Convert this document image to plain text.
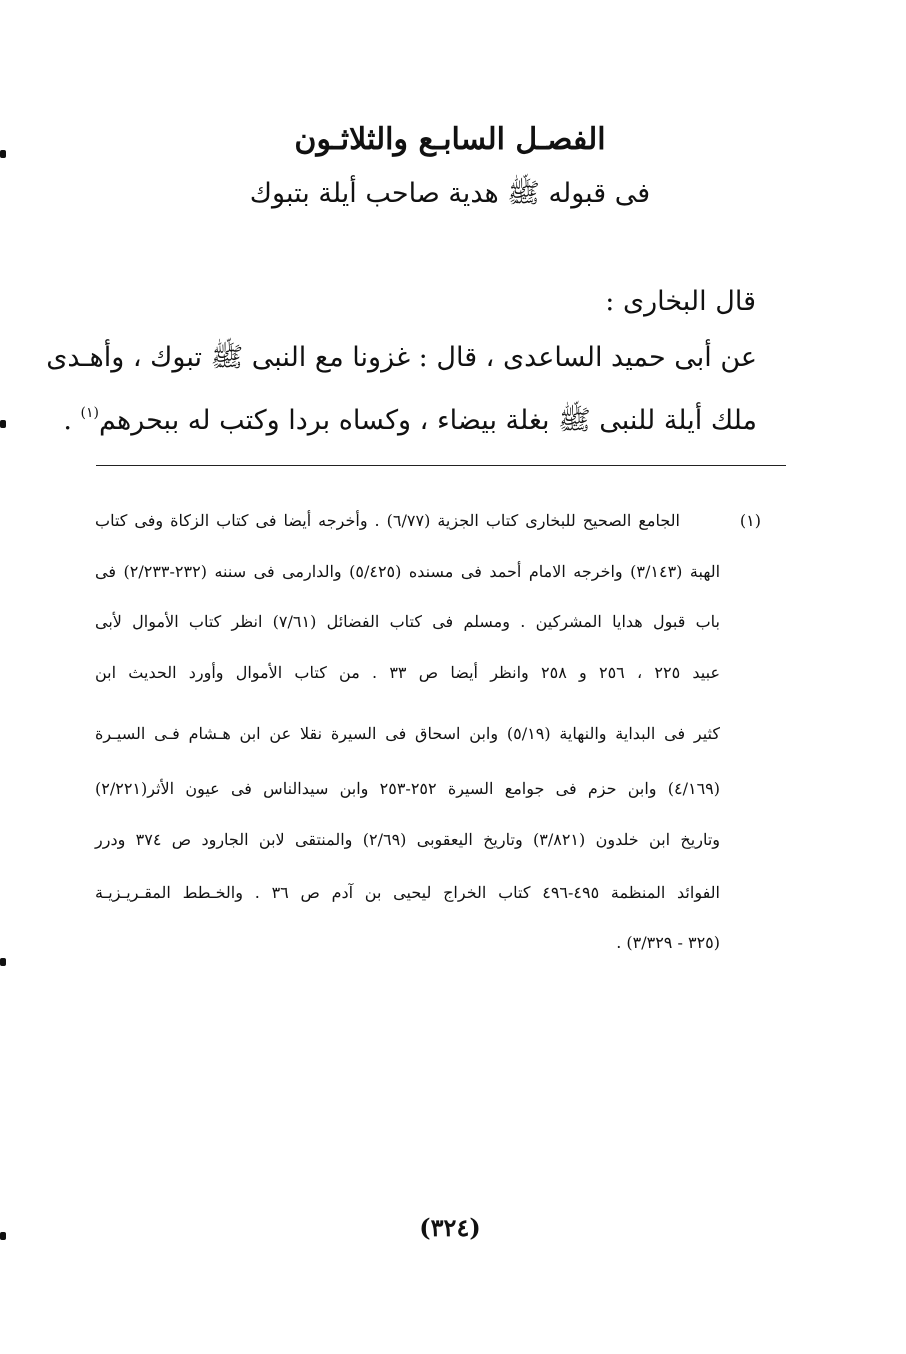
الفصـل السابـع والثلاثـون
فى قبوله ﷺ هدية صاحب أيلة بتبوك
قال البخارى :
عن أبى حميد الساعدى ، قال : غزونا مع النبى ﷺ تبوك ، وأهـدى
ملك أيلة للنبى ﷺ بغلة بيضاء ، وكساه بردا وكتب له ببحرهم$^{(١)}$ .
(١)
الجامع الصحيح للبخارى كتاب الجزية (٦/٧٧) . وأخرجه أيضا فى كتاب الزكاة وفى كتاب
الهبة (٣/١٤٣) واخرجه الامام أحمد فى مسنده (٥/٤٢٥) والدارمى فى سننه (٢٣٢-٢/٢٣٣) فى
باب قبول هدايا المشركين . ومسلم فى كتاب الفضائل (٧/٦١) انظر كتاب الأموال لأبى
عبيد ٢٢٥ ، ٢٥٦ و ٢٥٨ وانظر أيضا ص ٣٣ . من كتاب الأموال وأورد الحديث ابن
كثير فى البداية والنهاية (٥/١٩) وابن اسحاق فى السيرة نقلا عن ابن هـشام فـى السيـرة
(٤/١٦٩) وابن حزم فى جوامع السيرة ٢٥٢-٢٥٣ وابن سيدالناس فى عيون الأثر(٢/٢٢١)
وتاريخ ابن خلدون (٣/٨٢١) وتاريخ اليعقوبى (٢/٦٩) والمنتقى لابن الجارود ص ٣٧٤ ودرر
الفوائد المنظمة ٤٩٥-٤٩٦ كتاب الخراج ليحيى بن آدم ص ٣٦ . والخـطط المقـريـزيـة
(٣٢٥ - ٣/٣٢٩) .
(٣٢٤)
